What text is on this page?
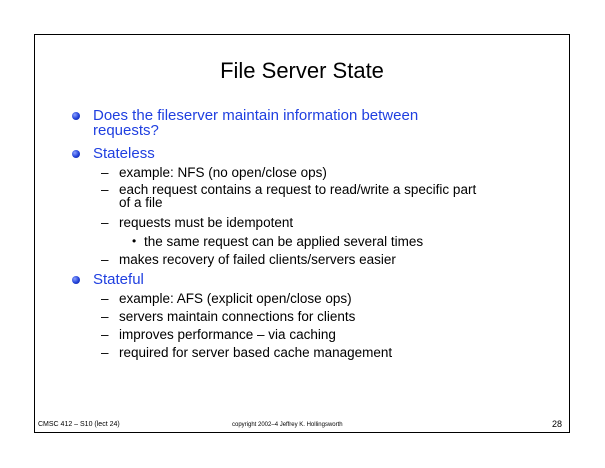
File Server State
Does the fileserver maintain information between
requests?
Stateless
– example: NFS (no open/close ops)
– each request contains a request to read/write a specific part
of a file
– requests must be idempotent
• the same request can be applied several times
– makes recovery of failed clients/servers easier
Stateful
– example: AFS (explicit open/close ops)
– servers maintain connections for clients
– improves performance – via caching
– required for server based cache management
CMSC 412 – S10 (lect 24)	copyright 2002–4 Jeffrey K. Hollingsworth	28
